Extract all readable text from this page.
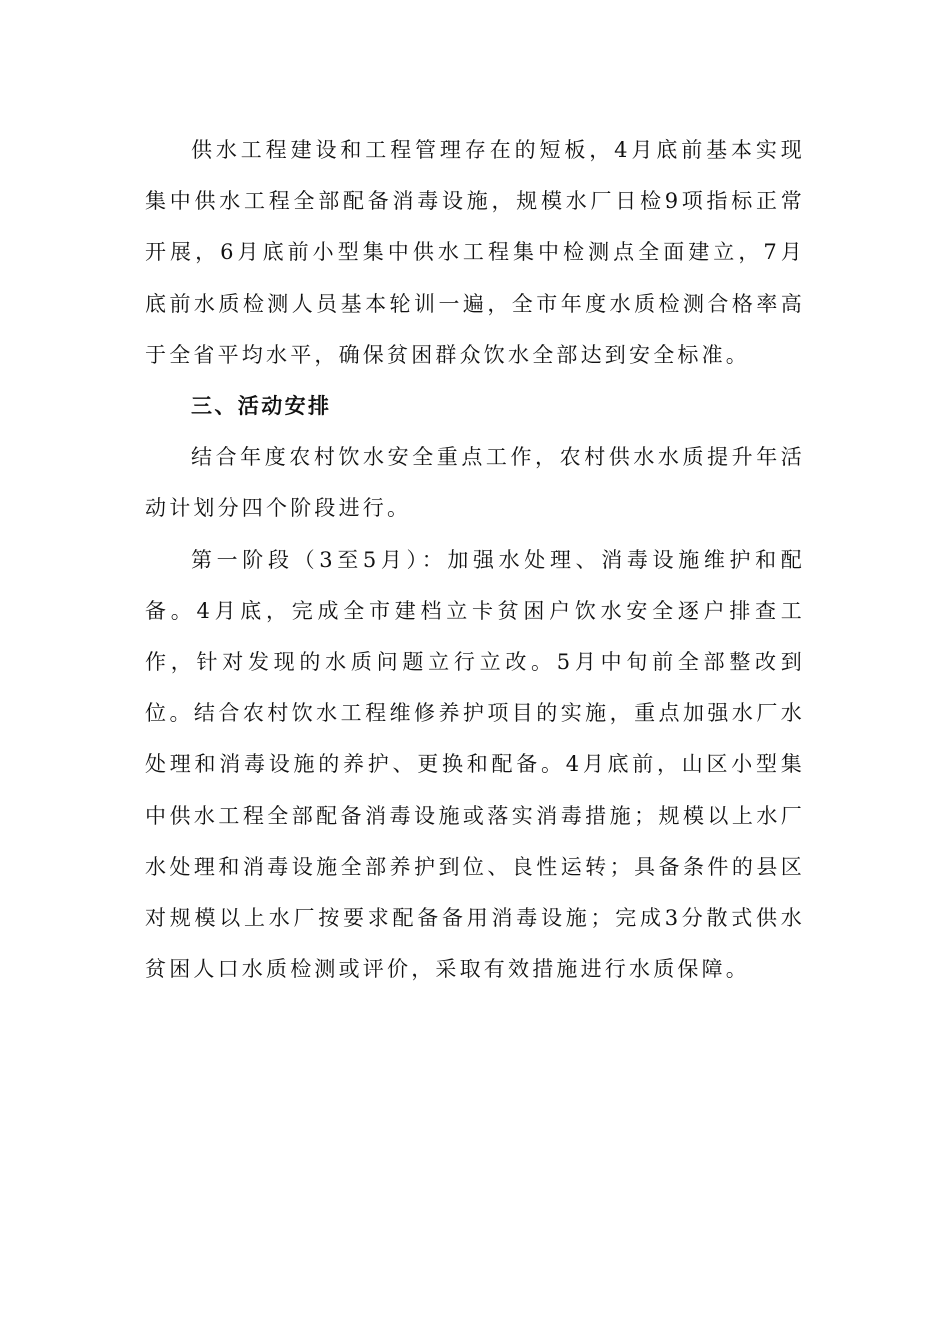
供水工程建设和工程管理存在的短板，4月底前基本实现集中供水工程全部配备消毒设施，规模水厂日检9项指标正常开展，6月底前小型集中供水工程集中检测点全面建立，7月底前水质检测人员基本轮训一遍，全市年度水质检测合格率高于全省平均水平，确保贫困群众饮水全部达到安全标准。

三、活动安排

结合年度农村饮水安全重点工作，农村供水水质提升年活动计划分四个阶段进行。

第一阶段（3至5月）：加强水处理、消毒设施维护和配备。4月底，完成全市建档立卡贫困户饮水安全逐户排查工作，针对发现的水质问题立行立改。5月中旬前全部整改到位。结合农村饮水工程维修养护项目的实施，重点加强水厂水处理和消毒设施的养护、更换和配备。4月底前，山区小型集中供水工程全部配备消毒设施或落实消毒措施；规模以上水厂水处理和消毒设施全部养护到位、良性运转；具备条件的县区对规模以上水厂按要求配备备用消毒设施；完成3分散式供水贫困人口水质检测或评价，采取有效措施进行水质保障。
